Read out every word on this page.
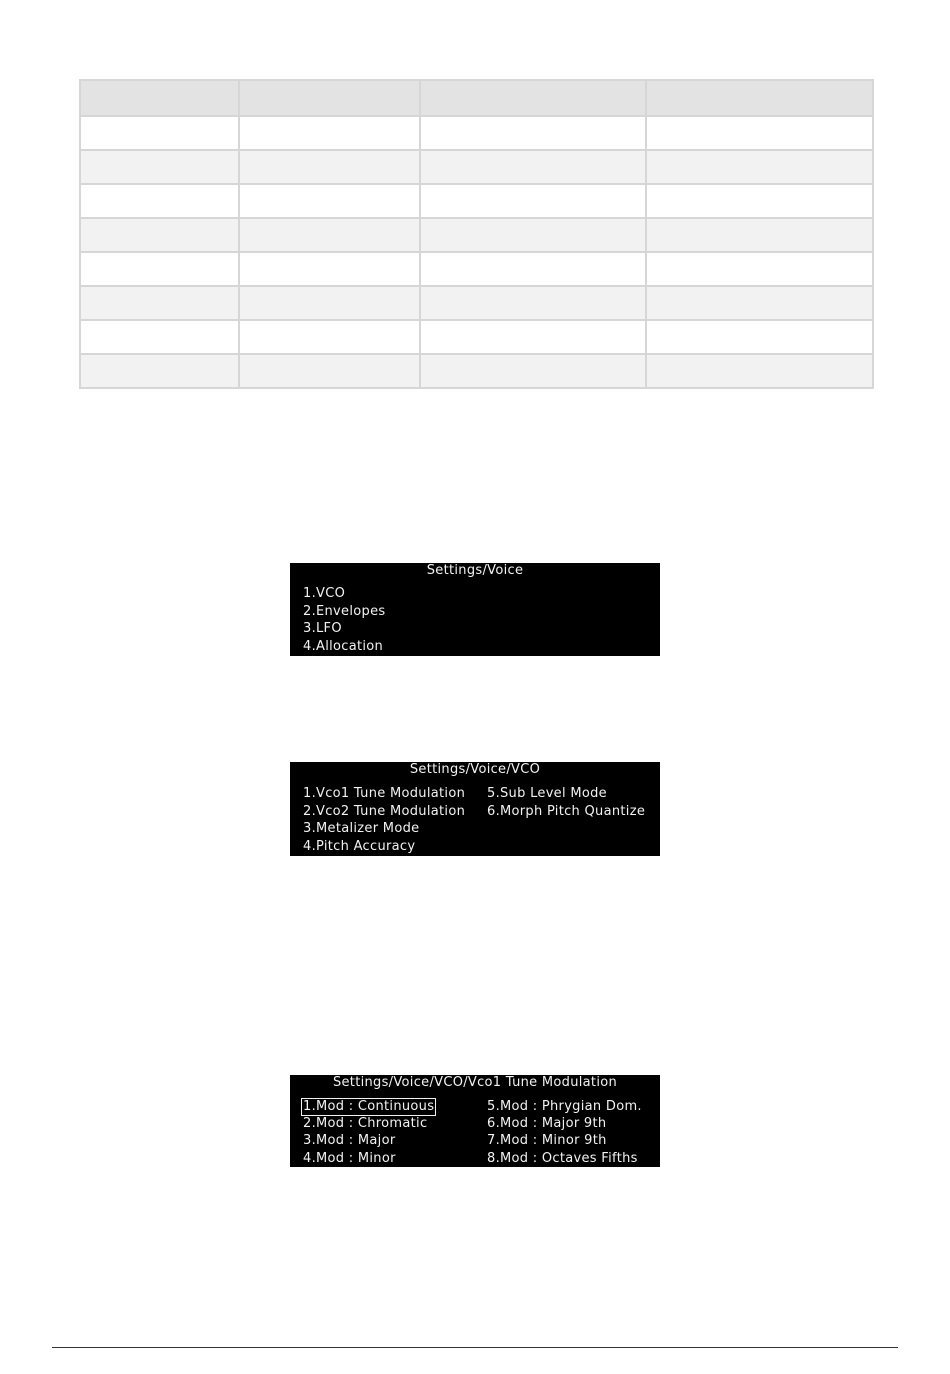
Settings/Voice
1.VCO
2.Envelopes
3.LFO
4.Allocation
Settings/Voice/VCO
1.Vco1 Tune Modulation
2.Vco2 Tune Modulation
3.Metalizer Mode
4.Pitch Accuracy
5.Sub Level Mode
6.Morph Pitch Quantize
Settings/Voice/VCO/Vco1 Tune Modulation
1.Mod : Continuous
2.Mod : Chromatic
3.Mod : Major
4.Mod : Minor
5.Mod : Phrygian Dom.
6.Mod : Major 9th
7.Mod : Minor 9th
8.Mod : Octaves Fifths
